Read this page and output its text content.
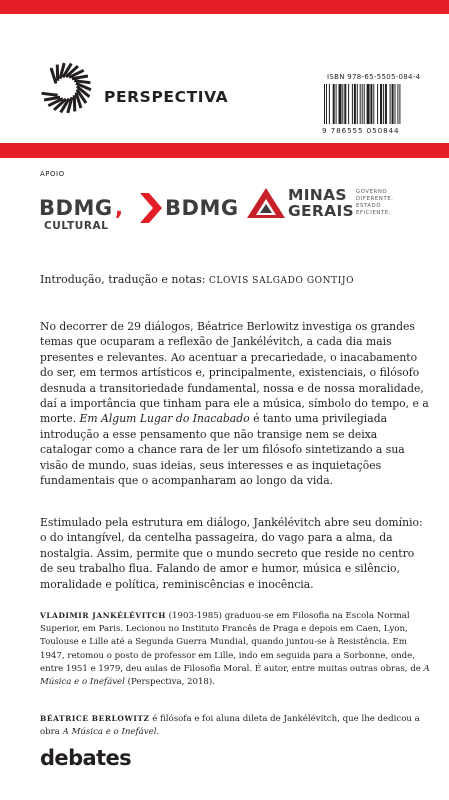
PERSPECTIVA
ISBN 978-65-5505-084-4
9 786555 050844
APOIO
BDMG ,
CULTURAL
BDMG
MINAS
GERAIS
GOVERNO
DIFERENTE.
ESTADO
EFICIENTE.
Introdução, tradução e notas: CLOVIS SALGADO GONTIJO
No decorrer de 29 diálogos, Béatrice Berlowitz investiga os grandes temas que ocuparam a reflexão de Jankélévitch, a cada dia mais presentes e relevantes. Ao acentuar a precariedade, o inacabamento do ser, em termos artísticos e, principalmente, existenciais, o filósofo desnuda a transitoriedade fundamental, nossa e de nossa moralidade, daí a importância que tinham para ele a música, símbolo do tempo, e a morte. Em Algum Lugar do Inacabado é tanto uma privilegiada introdução a esse pensamento que não transige nem se deixa catalogar como a chance rara de ler um filósofo sintetizando a sua visão de mundo, suas ideias, seus interesses e as inquietações fundamentais que o acompanharam ao longo da vida.
Estimulado pela estrutura em diálogo, Jankélévitch abre seu domínio: o do intangível, da centelha passageira, do vago para a alma, da nostalgia. Assim, permite que o mundo secreto que reside no centro de seu trabalho flua. Falando de amor e humor, música e silêncio, moralidade e política, reminiscências e inocência.
VLADIMIR JANKÉLÉVITCH (1903-1985) graduou-se em Filosofia na Escola Normal Superior, em Paris. Lecionou no Instituto Francês de Praga e depois em Caen, Lyon, Toulouse e Lille até a Segunda Guerra Mundial, quando juntou-se à Resistência. Em 1947, retomou o posto de professor em Lille, indo em seguida para a Sorbonne, onde, entre 1951 e 1979, deu aulas de Filosofia Moral. É autor, entre muitas outras obras, de A Música e o Inefável (Perspectiva, 2018).
BÉATRICE BERLOWITZ é filósofa e foi aluna dileta de Jankélévitch, que lhe dedicou a obra A Música e o Inefável.
debates
